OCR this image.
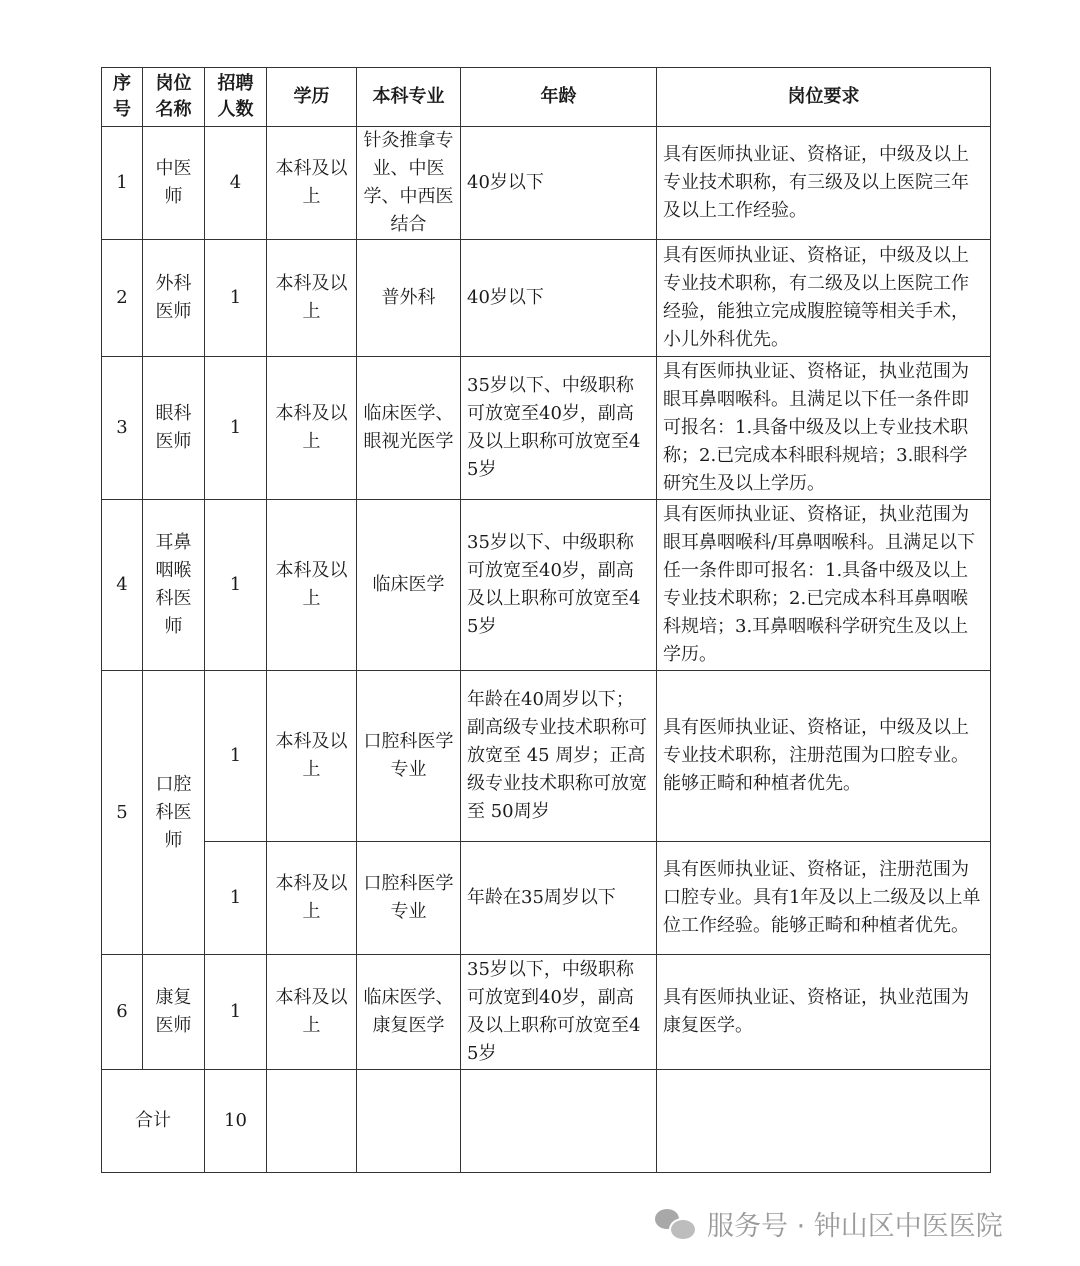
序号	岗位名称	招聘人数	学历	本科专业	年龄	岗位要求
1	中医师	4	本科及以上	针灸推拿专业、中医学、中西医结合	40岁以下	具有医师执业证、资格证，中级及以上专业技术职称，有三级及以上医院三年及以上工作经验。
2	外科医师	1	本科及以上	普外科	40岁以下	具有医师执业证、资格证，中级及以上专业技术职称，有二级及以上医院工作经验，能独立完成腹腔镜等相关手术，小儿外科优先。
3	眼科医师	1	本科及以上	临床医学、眼视光医学	35岁以下、中级职称可放宽至40岁，副高及以上职称可放宽至45岁	具有医师执业证、资格证，执业范围为眼耳鼻咽喉科。且满足以下任一条件即可报名：1.具备中级及以上专业技术职称；2.已完成本科眼科规培；3.眼科学研究生及以上学历。
4	耳鼻咽喉科医师	1	本科及以上	临床医学	35岁以下、中级职称可放宽至40岁，副高及以上职称可放宽至45岁	具有医师执业证、资格证，执业范围为眼耳鼻咽喉科/耳鼻咽喉科。且满足以下任一条件即可报名：1.具备中级及以上专业技术职称；2.已完成本科耳鼻咽喉科规培；3.耳鼻咽喉科学研究生及以上学历。
5	口腔科医师	1	本科及以上	口腔科医学专业	年龄在40周岁以下；副高级专业技术职称可放宽至 45 周岁；正高级专业技术职称可放宽至 50周岁	具有医师执业证、资格证，中级及以上专业技术职称，注册范围为口腔专业。能够正畸和种植者优先。
		1	本科及以上	口腔科医学专业	年龄在35周岁以下	具有医师执业证、资格证，注册范围为口腔专业。具有1年及以上二级及以上单位工作经验。能够正畸和种植者优先。
6	康复医师	1	本科及以上	临床医学、康复医学	35岁以下，中级职称可放宽到40岁，副高及以上职称可放宽至45岁	具有医师执业证、资格证，执业范围为康复医学。
合计		10				
服务号 · 钟山区中医医院
